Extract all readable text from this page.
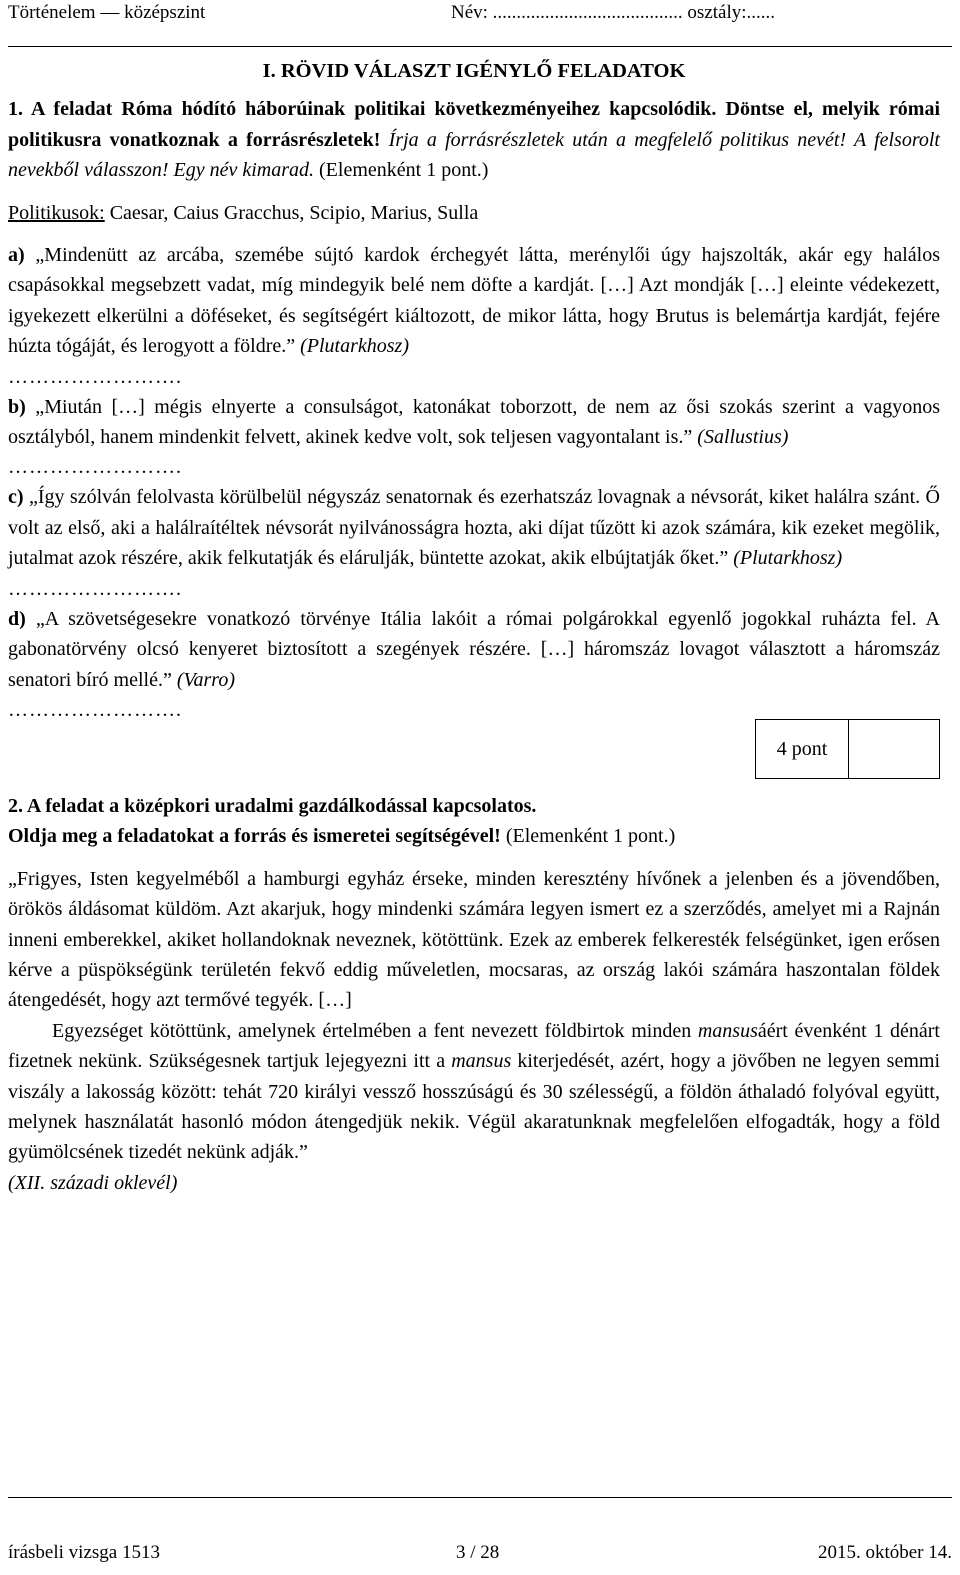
Történelem — középszint	Név: ........................................ osztály:......
I. RÖVID VÁLASZT IGÉNYLŐ FELADATOK

1. A feladat Róma hódító háborúinak politikai következményeihez kapcsolódik. Döntse el, melyik római politikusra vonatkoznak a forrásrészletek! Írja a forrásrészletek után a megfelelő politikus nevét! A felsorolt nevekből válasszon! Egy név kimarad. (Elemenként 1 pont.)

Politikusok: Caesar, Caius Gracchus, Scipio, Marius, Sulla

a) „Mindenütt az arcába, szemébe sújtó kardok érchegyét látta, merénylői úgy hajszolták, akár egy halálos csapásokkal megsebzett vadat, míg mindegyik belé nem döfte a kardját. […] Azt mondják […] eleinte védekezett, igyekezett elkerülni a döféseket, és segítségért kiáltozott, de mikor látta, hogy Brutus is belemártja kardját, fejére húzta tógáját, és lerogyott a földre.” (Plutarkhosz)

…………………….

b) „Miután […] mégis elnyerte a consulságot, katonákat toborzott, de nem az ősi szokás szerint a vagyonos osztályból, hanem mindenkit felvett, akinek kedve volt, sok teljesen vagyontalant is.” (Sallustius)

…………………….

c) „Így szólván felolvasta körülbelül négyszáz senatornak és ezerhatszáz lovagnak a névsorát, kiket halálra szánt. Ő volt az első, aki a halálraítéltek névsorát nyilvánosságra hozta, aki díjat tűzött ki azok számára, kik ezeket megölik, jutalmat azok részére, akik felkutatják és elárulják, büntette azokat, akik elbújtatják őket.” (Plutarkhosz)

…………………….

d) „A szövetségesekre vonatkozó törvénye Itália lakóit a római polgárokkal egyenlő jogokkal ruházta fel. A gabonatörvény olcsó kenyeret biztosított a szegények részére. […] háromszáz lovagot választott a háromszáz senatori bíró mellé.” (Varro)

…………………….
4 pont

2. A feladat a középkori uradalmi gazdálkodással kapcsolatos.

Oldja meg a feladatokat a forrás és ismeretei segítségével! (Elemenként 1 pont.)

„Frigyes, Isten kegyelméből a hamburgi egyház érseke, minden keresztény hívőnek a jelenben és a jövendőben, örökös áldásomat küldöm. Azt akarjuk, hogy mindenki számára legyen ismert ez a szerződés, amelyet mi a Rajnán inneni emberekkel, akiket hollandoknak neveznek, kötöttünk. Ezek az emberek felkeresték felségünket, igen erősen kérve a püspökségünk területén fekvő eddig műveletlen, mocsaras, az ország lakói számára haszontalan földek átengedését, hogy azt termővé tegyék. […]

Egyezséget kötöttünk, amelynek értelmében a fent nevezett földbirtok minden mansusáért évenként 1 dénárt fizetnek nekünk. Szükségesnek tartjuk lejegyezni itt a mansus kiterjedését, azért, hogy a jövőben ne legyen semmi viszály a lakosság között: tehát 720 királyi vessző hosszúságú és 30 szélességű, a földön áthaladó folyóval együtt, melynek használatát hasonló módon átengedjük nekik. Végül akaratunknak megfelelően elfogadták, hogy a föld gyümölcsének tizedét nekünk adják.”

(XII. századi oklevél)

írásbeli vizsga 1513	3 / 28	2015. október 14.
